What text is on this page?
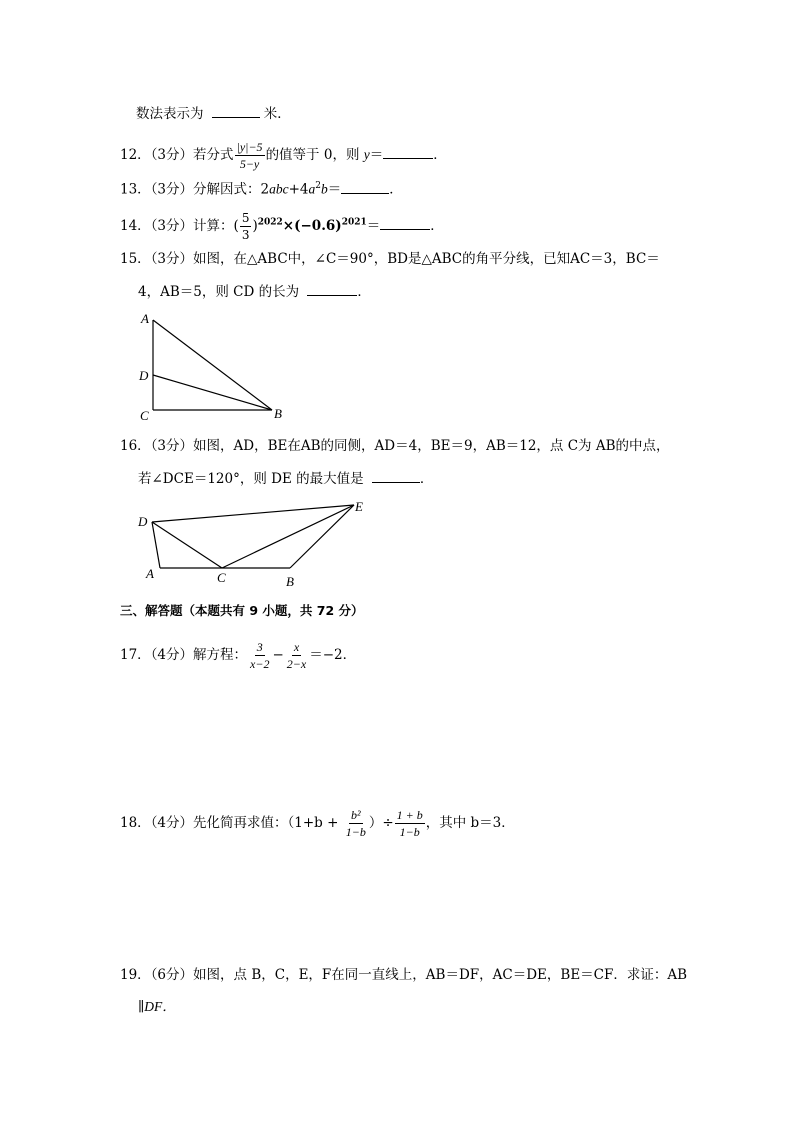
数法表示为	米．
12．（3分）若分式 $\frac{|y|-5}{5-y}$ 的值等于 0，则 y＝	．
13．（3分）分解因式：$2abc+4a^2b=$	．
14．（3分）计算：( $\frac{5}{3} )^{2022}\times(-0.6)^{2021}=$	．
15．（3分）如图，在△ABC中，∠C＝90°，BD是△ABC的角平分线，已知AC＝3，BC＝
4，AB＝5，则 CD 的长为	．
A
D
C	B
16．（3分）如图，AD，BE在AB的同侧，AD＝4，BE＝9，AB＝12，点 C为 AB的中点，
若∠DCE＝120°，则 DE 的最大值是	．
D
E
A	C	B
三、解答题（本题共有 9 小题，共 72 分）
17．（4分）解方程： $\frac{3}{x-2} - \frac{x}{2-x} =-2$．
18．（4分）先化简再求值：（$1+b + \frac{\text{b²}}{1-b}$ ）÷ $\frac{1 + b}{1-b}$ ，其中 b＝3．
19．（6分）如图，点 B，C，E，F在同一直线上，AB＝DF，AC＝DE，BE＝CF．求证：AB
∥DF．
